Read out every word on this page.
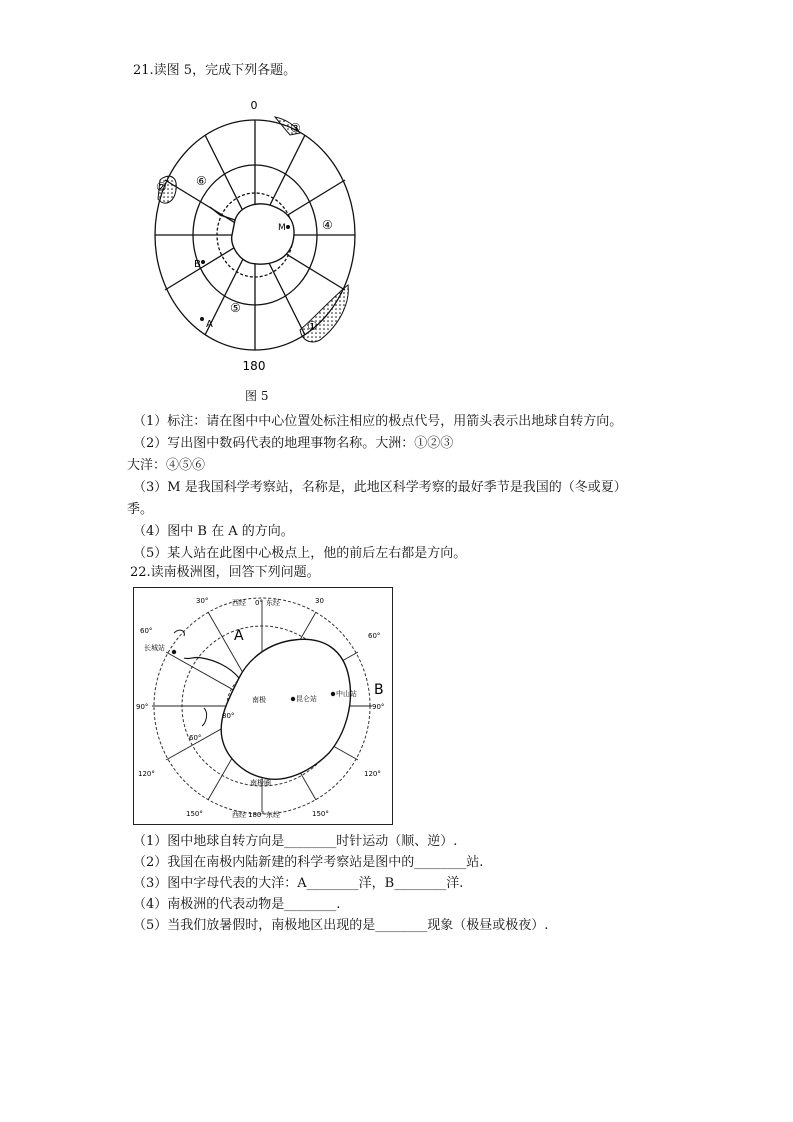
21.读图 5，完成下列各题。
0
180
③
② ⑥
④
⑤
①
M
B
A
图 5
（1）标注：请在图中中心位置处标注相应的极点代号，用箭头表示出地球自转方向。
（2）写出图中数码代表的地理事物名称。大洲：①②③
大洋：④⑤⑥
（3）M 是我国科学考察站，名称是，此地区科学考察的最好季节是我国的（冬或夏）
季。
（4）图中 B 在 A 的方向。
（5）某人站在此图中心极点上，他的前后左右都是方向。
22.读南极洲图，回答下列问题。
西经 0° 东经
西经 180° 东经
30°	30
60°
60°
90°	90°
120°	120°
150°	150°
60°
80°
A
B
长城站
昆仑站
中山站
南极
南极圈
（1）图中地球自转方向是________时针运动（顺、逆）.
（2）我国在南极内陆新建的科学考察站是图中的________站.
（3）图中字母代表的大洋：A________洋，B________洋.
（4）南极洲的代表动物是________.
（5）当我们放暑假时，南极地区出现的是________现象（极昼或极夜）.
